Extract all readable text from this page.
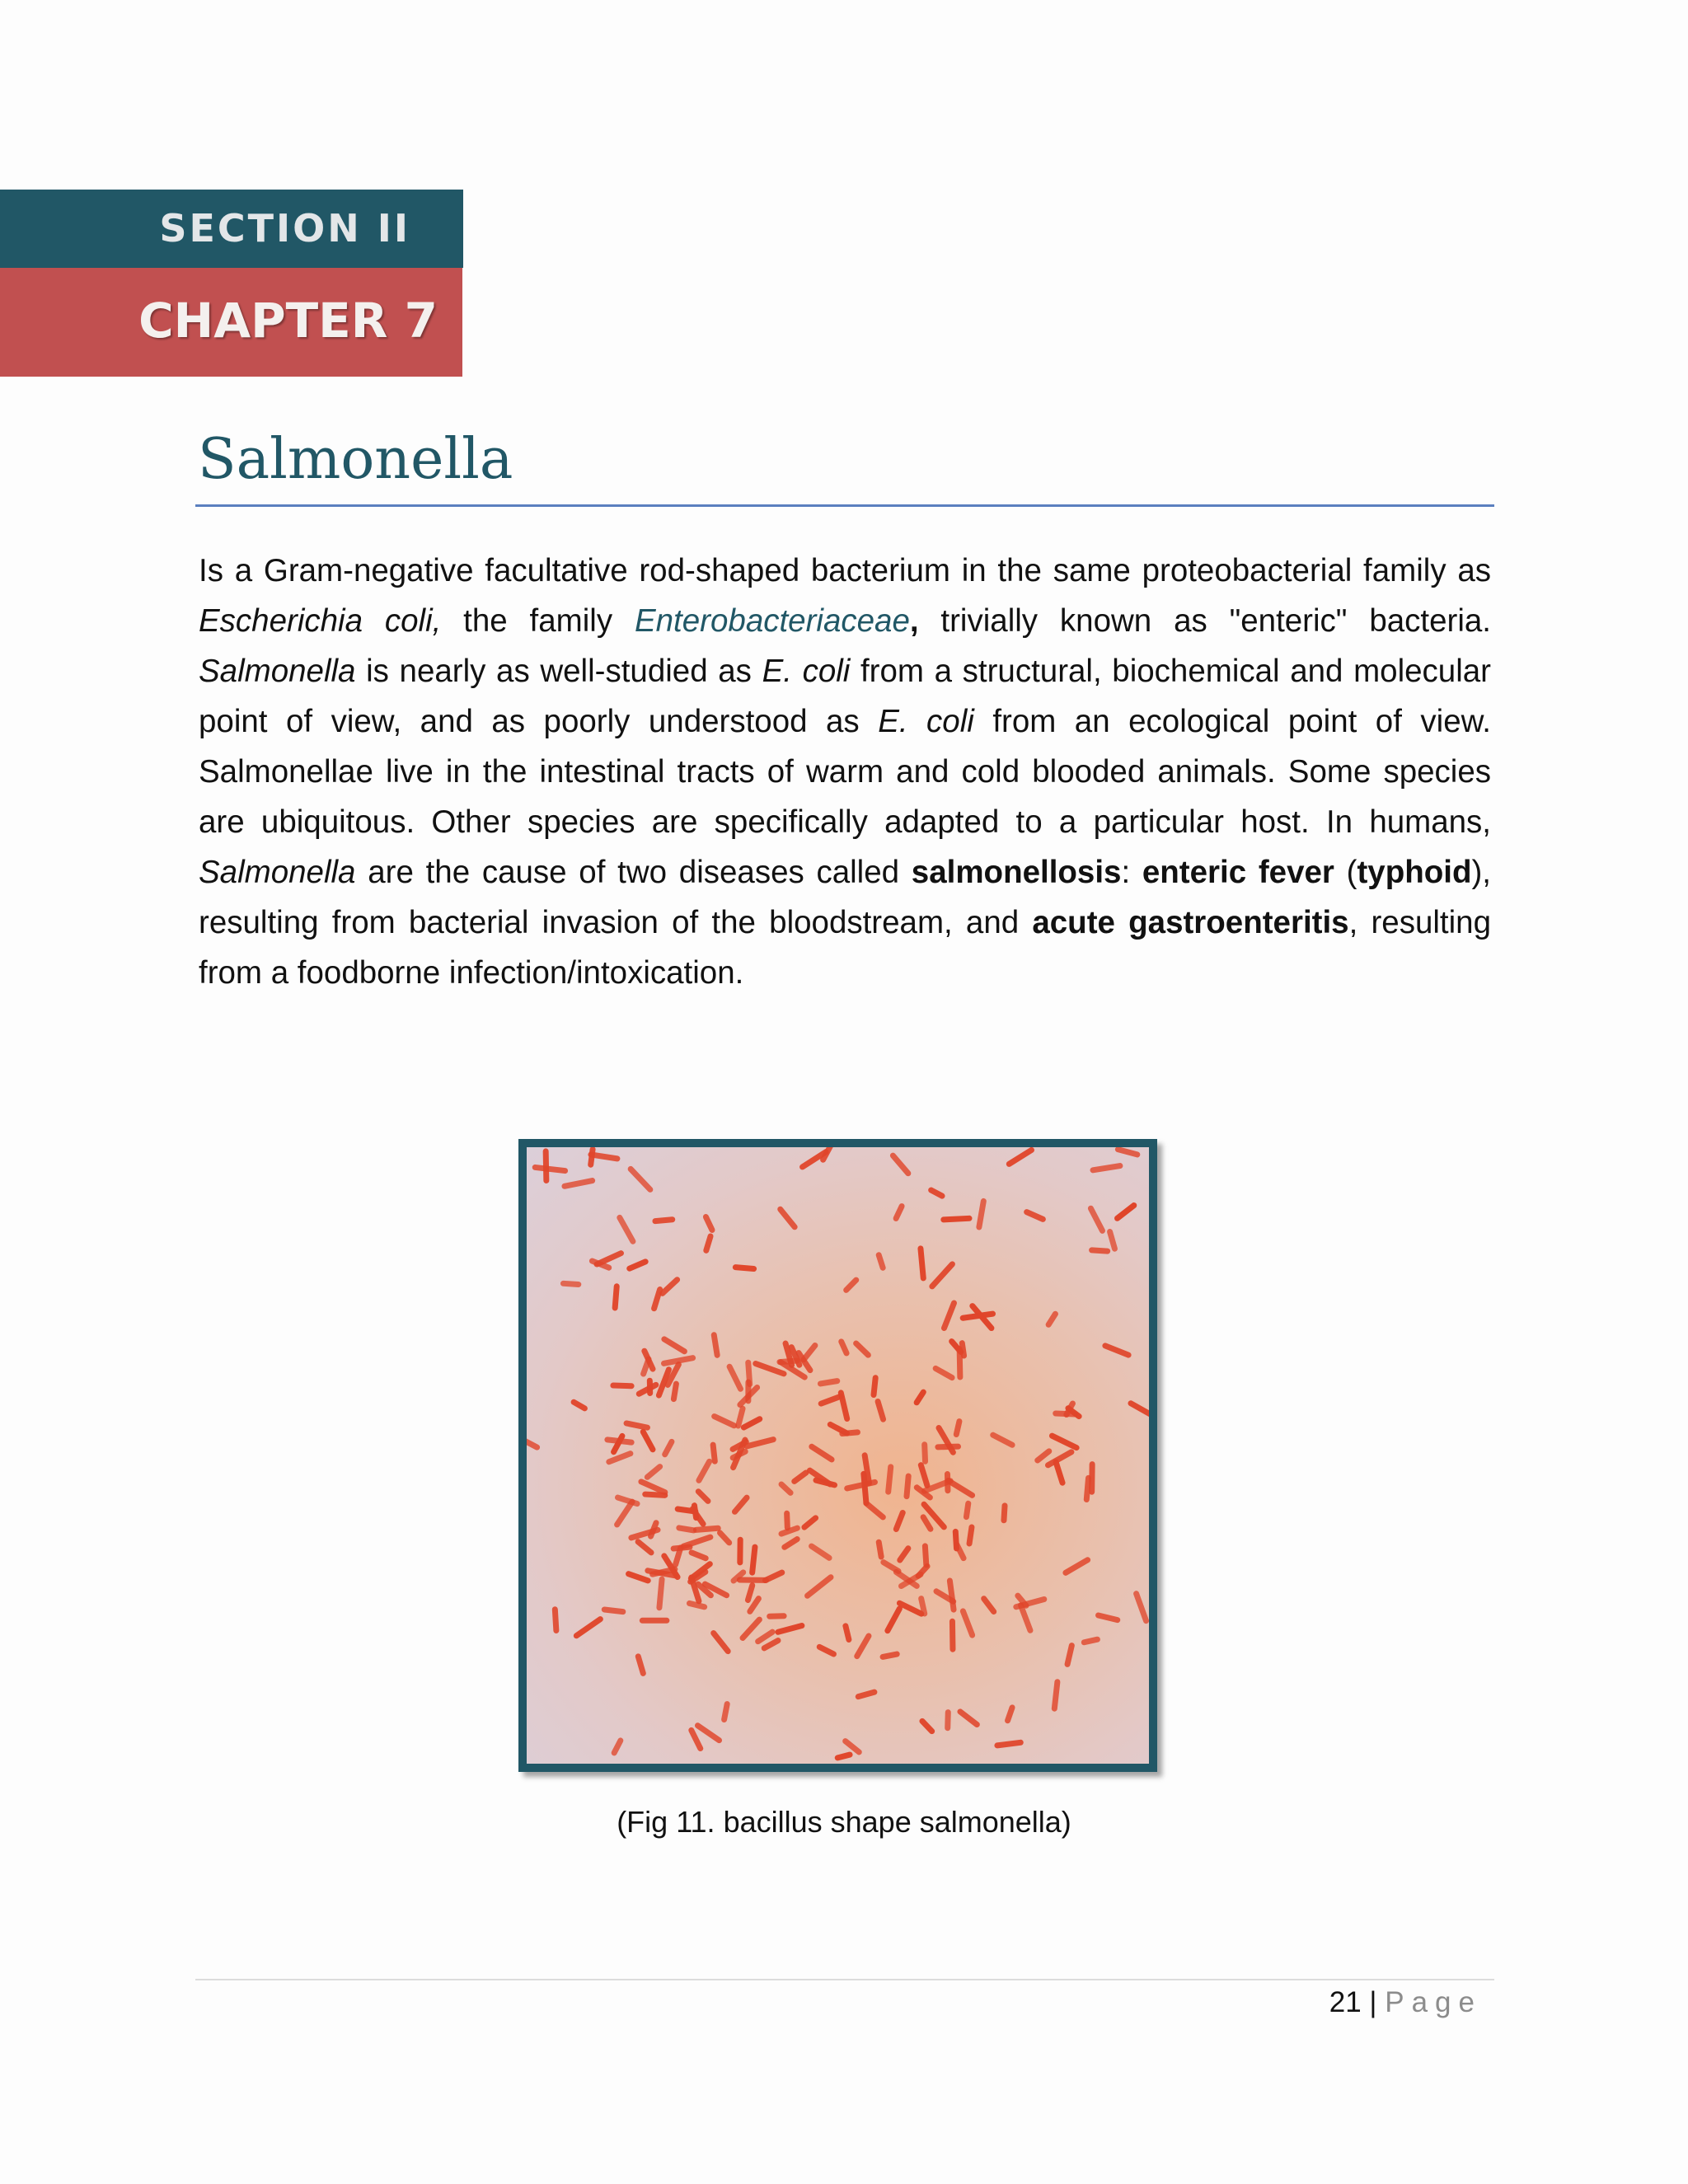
SECTION II
CHAPTER 7
Salmonella

Is a Gram-negative facultative rod-shaped bacterium in the same proteobacterial family as Escherichia coli, the family Enterobacteriaceae, trivially known as "enteric" bacteria. Salmonella is nearly as well-studied as E. coli from a structural, biochemical and molecular point of view, and as poorly understood as E. coli from an ecological point of view. Salmonellae live in the intestinal tracts of warm and cold blooded animals. Some species are ubiquitous. Other species are specifically adapted to a particular host. In humans, Salmonella are the cause of two diseases called salmonellosis: enteric fever (typhoid), resulting from bacterial invasion of the bloodstream, and acute gastroenteritis, resulting from a foodborne infection/intoxication.

(Fig 11. bacillus shape salmonella)
21 | Page
